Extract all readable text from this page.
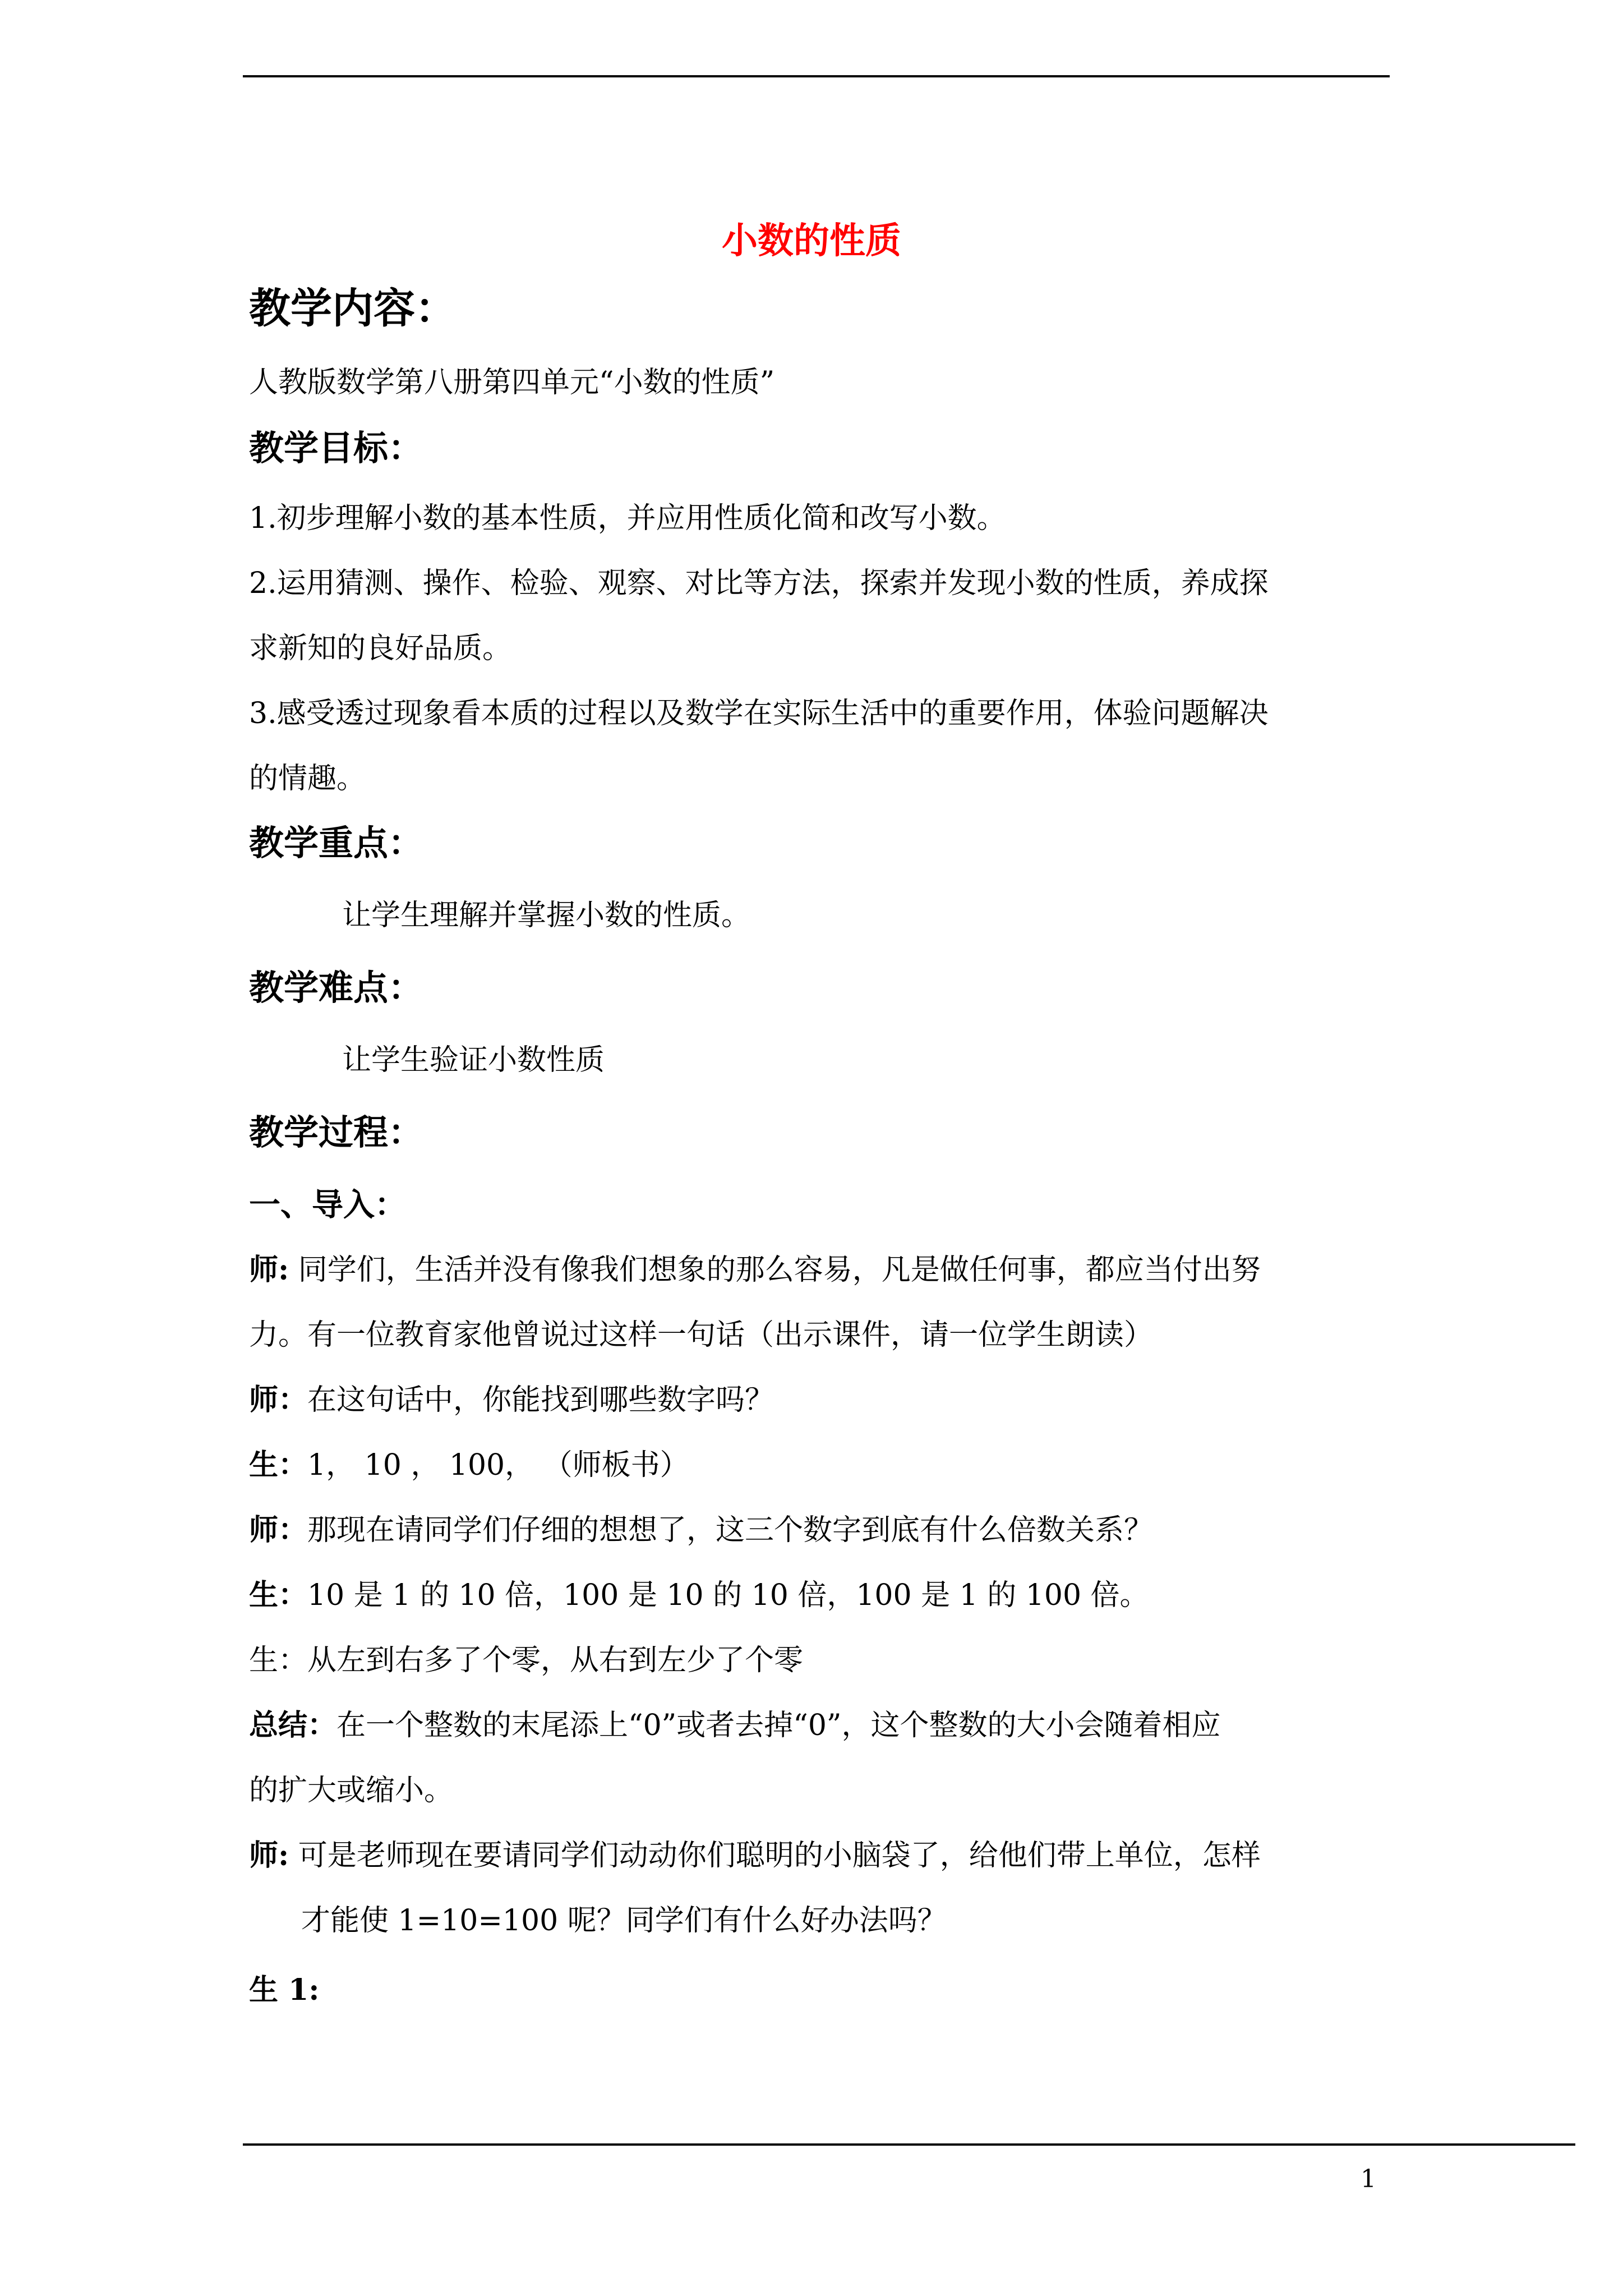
小数的性质

教学内容：

人教版数学第八册第四单元“小数的性质”

教学目标：

1.初步理解小数的基本性质，并应用性质化简和改写小数。

2.运用猜测、操作、检验、观察、对比等方法，探索并发现小数的性质，养成探

求新知的良好品质。

3.感受透过现象看本质的过程以及数学在实际生活中的重要作用，体验问题解决

的情趣。

教学重点：

让学生理解并掌握小数的性质。

教学难点：

让学生验证小数性质

教学过程：

一、导入：

师: 同学们，生活并没有像我们想象的那么容易，凡是做任何事，都应当付出努

力。有一位教育家他曾说过这样一句话（出示课件，请一位学生朗读）

师：在这句话中，你能找到哪些数字吗？

生：1， 10 ， 100， （师板书）

师：那现在请同学们仔细的想想了，这三个数字到底有什么倍数关系？

生：10 是 1 的 10 倍，100 是 10 的 10 倍，100 是 1 的 100 倍。

生：从左到右多了个零，从右到左少了个零

总结：在一个整数的末尾添上“0”或者去掉“0”，这个整数的大小会随着相应

的扩大或缩小。

师: 可是老师现在要请同学们动动你们聪明的小脑袋了，给他们带上单位，怎样

才能使 1=10=100 呢？同学们有什么好办法吗？

生 1:

1
